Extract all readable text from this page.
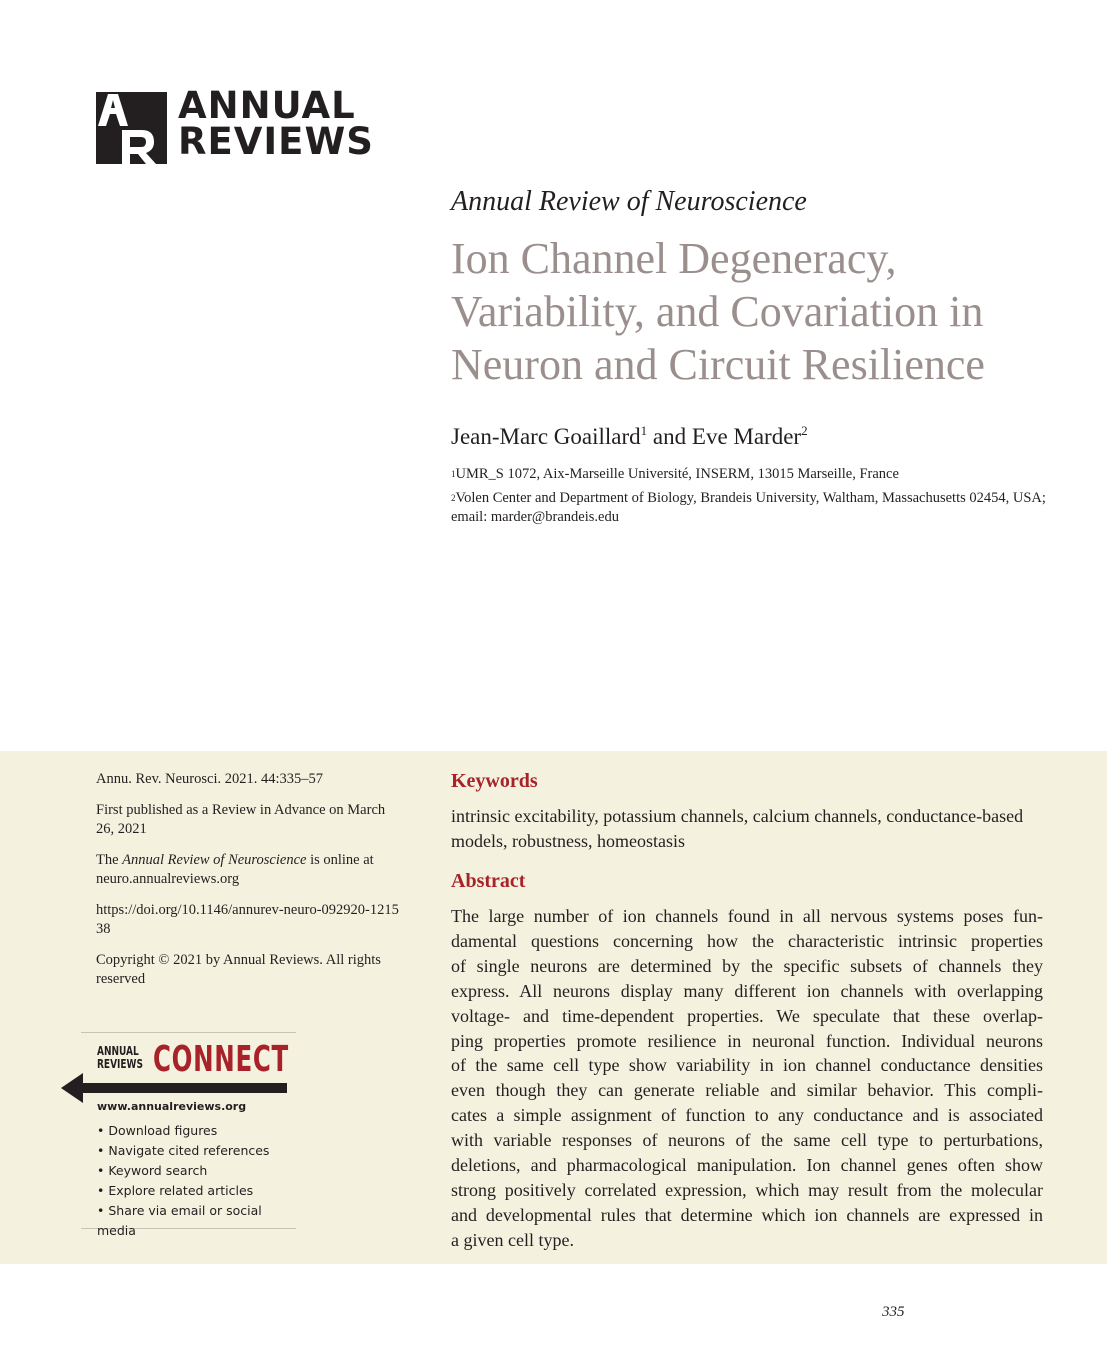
ANNUAL
REVIEWS
Annual Review of Neuroscience
Ion Channel Degeneracy,
Variability, and Covariation in
Neuron and Circuit Resilience
Jean-Marc Goaillard$^1$ and Eve Marder$^2$
$^1$UMR_S 1072, Aix-Marseille Université, INSERM, 13015 Marseille, France
$^2$Volen Center and Department of Biology, Brandeis University, Waltham, Massachusetts 02454, USA; email: marder@brandeis.edu
Annu. Rev. Neurosci. 2021. 44:335–57
First published as a Review in Advance on March 26, 2021
The Annual Review of Neuroscience is online at neuro.annualreviews.org
https://doi.org/10.1146/annurev-neuro-092920-121538
Copyright © 2021 by Annual Reviews. All rights reserved
ANNUAL
REVIEWS CONNECT
www.annualreviews.org
• Download figures
• Navigate cited references
• Keyword search
• Explore related articles
• Share via email or social media
Keywords
intrinsic excitability, potassium channels, calcium channels, conductance-based models, robustness, homeostasis
Abstract
The large number of ion channels found in all nervous systems poses fun-
damental questions concerning how the characteristic intrinsic properties
of single neurons are determined by the specific subsets of channels they
express. All neurons display many different ion channels with overlapping
voltage- and time-dependent properties. We speculate that these overlap-
ping properties promote resilience in neuronal function. Individual neurons
of the same cell type show variability in ion channel conductance densities
even though they can generate reliable and similar behavior. This compli-
cates a simple assignment of function to any conductance and is associated
with variable responses of neurons of the same cell type to perturbations,
deletions, and pharmacological manipulation. Ion channel genes often show
strong positively correlated expression, which may result from the molecular
and developmental rules that determine which ion channels are expressed in
a given cell type.
335
